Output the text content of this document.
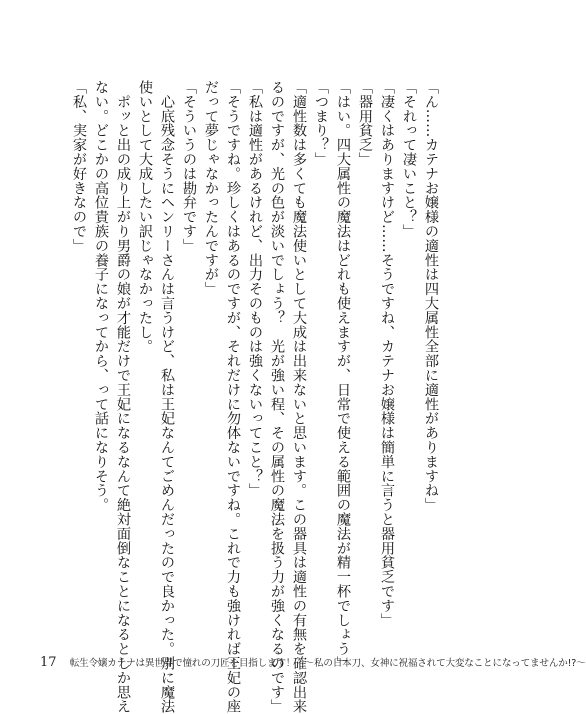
「ん……カテナお嬢様の適性は四大属性全部に適性がありますね」
「それって凄いこと？」
「凄くはありますけど……そうですね、カテナお嬢様は簡単に言うと器用貧乏です」
「器用貧乏」
「はい。四大属性の魔法はどれも使えますが、日常で使える範囲の魔法が精一杯でしょう」
「つまり？」
「適性数は多くても魔法使いとして大成は出来ないと思います。この器具は適性の有無を確認出来
るのですが、光の色が淡いでしょう？　光が強い程、その属性の魔法を扱う力が強くなるのです」
「私は適性があるけれど、出力そのものは強くないってこと？」
「そうですね。珍しくはあるのですが、それだけに勿体ないですね。これで力も強ければ王妃の座
だって夢じゃなかったんですが」
「そういうのは勘弁です」
　心底残念そうにヘンリーさんは言うけど、私は王妃なんてごめんだったので良かった。別に魔法
使いとして大成したい訳じゃなかったし。
　ポッと出の成り上がり男爵の娘が才能だけで王妃になるなんて絶対面倒なことになるとしか思え
ない。どこかの高位貴族の養子になってから、って話になりそう。
「私、実家が好きなので」
17 転生令嬢カテナは異世界で憧れの刀匠を目指します！　〜私の日本刀、女神に祝福されて大変なことになってませんか!?〜
